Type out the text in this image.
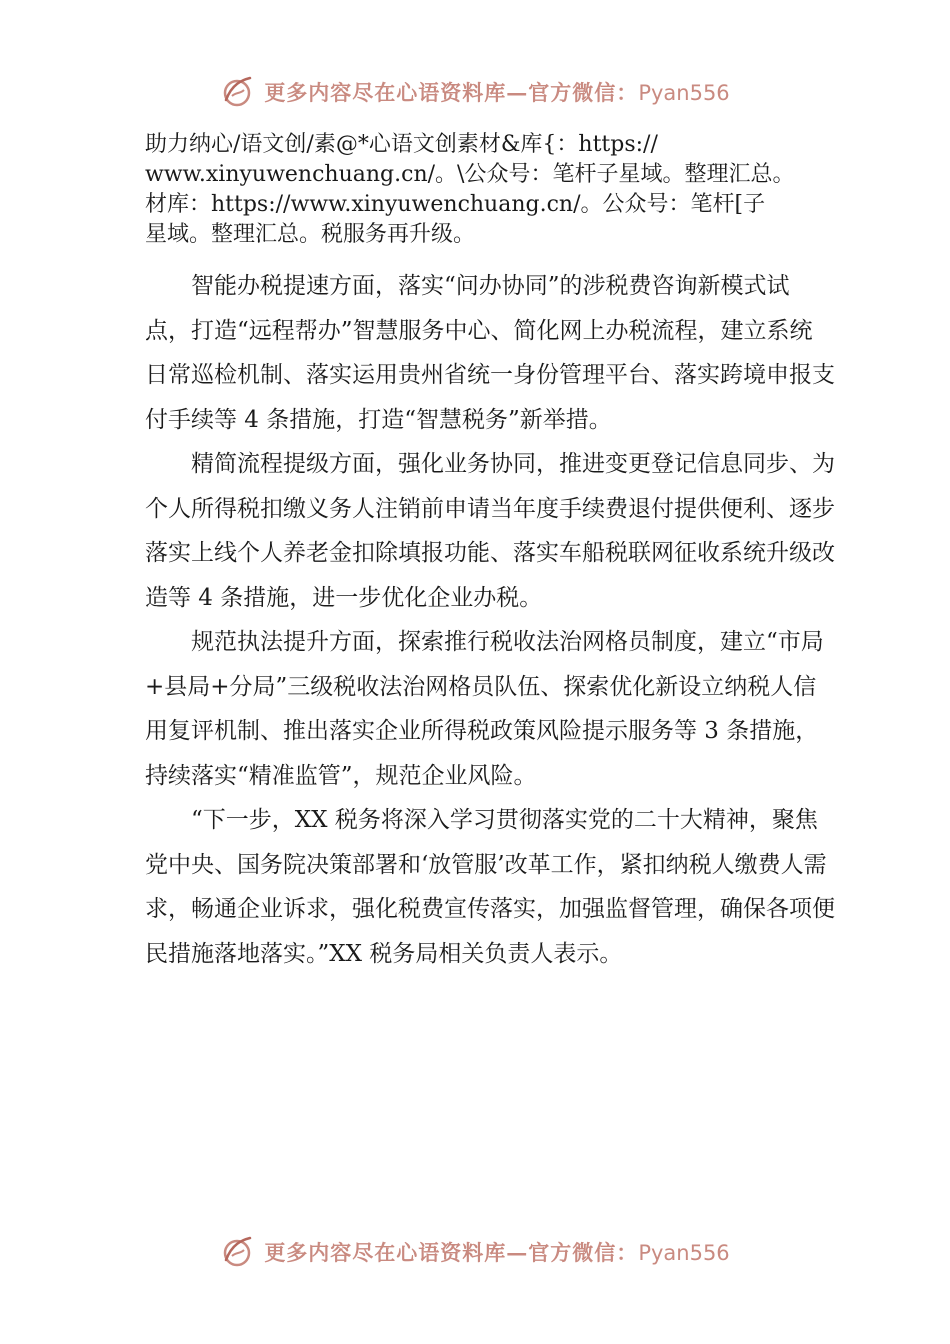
更多内容尽在心语资料库—官方微信：Pyan556
助力纳心/语文创/素@*心语文创素材&库{：https://
www.xinyuwenchuang.cn/。\公众号：笔杆子星域。整理汇总。
材库：https://www.xinyuwenchuang.cn/。公众号：笔杆[子
星域。整理汇总。税服务再升级。

智能办税提速方面，落实“问办协同”的涉税费咨询新模式试点，打造“远程帮办”智慧服务中心、简化网上办税流程，建立系统日常巡检机制、落实运用贵州省统一身份管理平台、落实跨境申报支付手续等 4 条措施，打造“智慧税务”新举措。

精简流程提级方面，强化业务协同，推进变更登记信息同步、为个人所得税扣缴义务人注销前申请当年度手续费退付提供便利、逐步落实上线个人养老金扣除填报功能、落实车船税联网征收系统升级改造等 4 条措施，进一步优化企业办税。

规范执法提升方面，探索推行税收法治网格员制度，建立“市局+县局+分局”三级税收法治网格员队伍、探索优化新设立纳税人信用复评机制、推出落实企业所得税政策风险提示服务等 3 条措施，持续落实“精准监管”，规范企业风险。

“下一步，XX 税务将深入学习贯彻落实党的二十大精神，聚焦党中央、国务院决策部署和‘放管服’改革工作，紧扣纳税人缴费人需求，畅通企业诉求，强化税费宣传落实，加强监督管理，确保各项便民措施落地落实。”XX 税务局相关负责人表示。

更多内容尽在心语资料库—官方微信：Pyan556
